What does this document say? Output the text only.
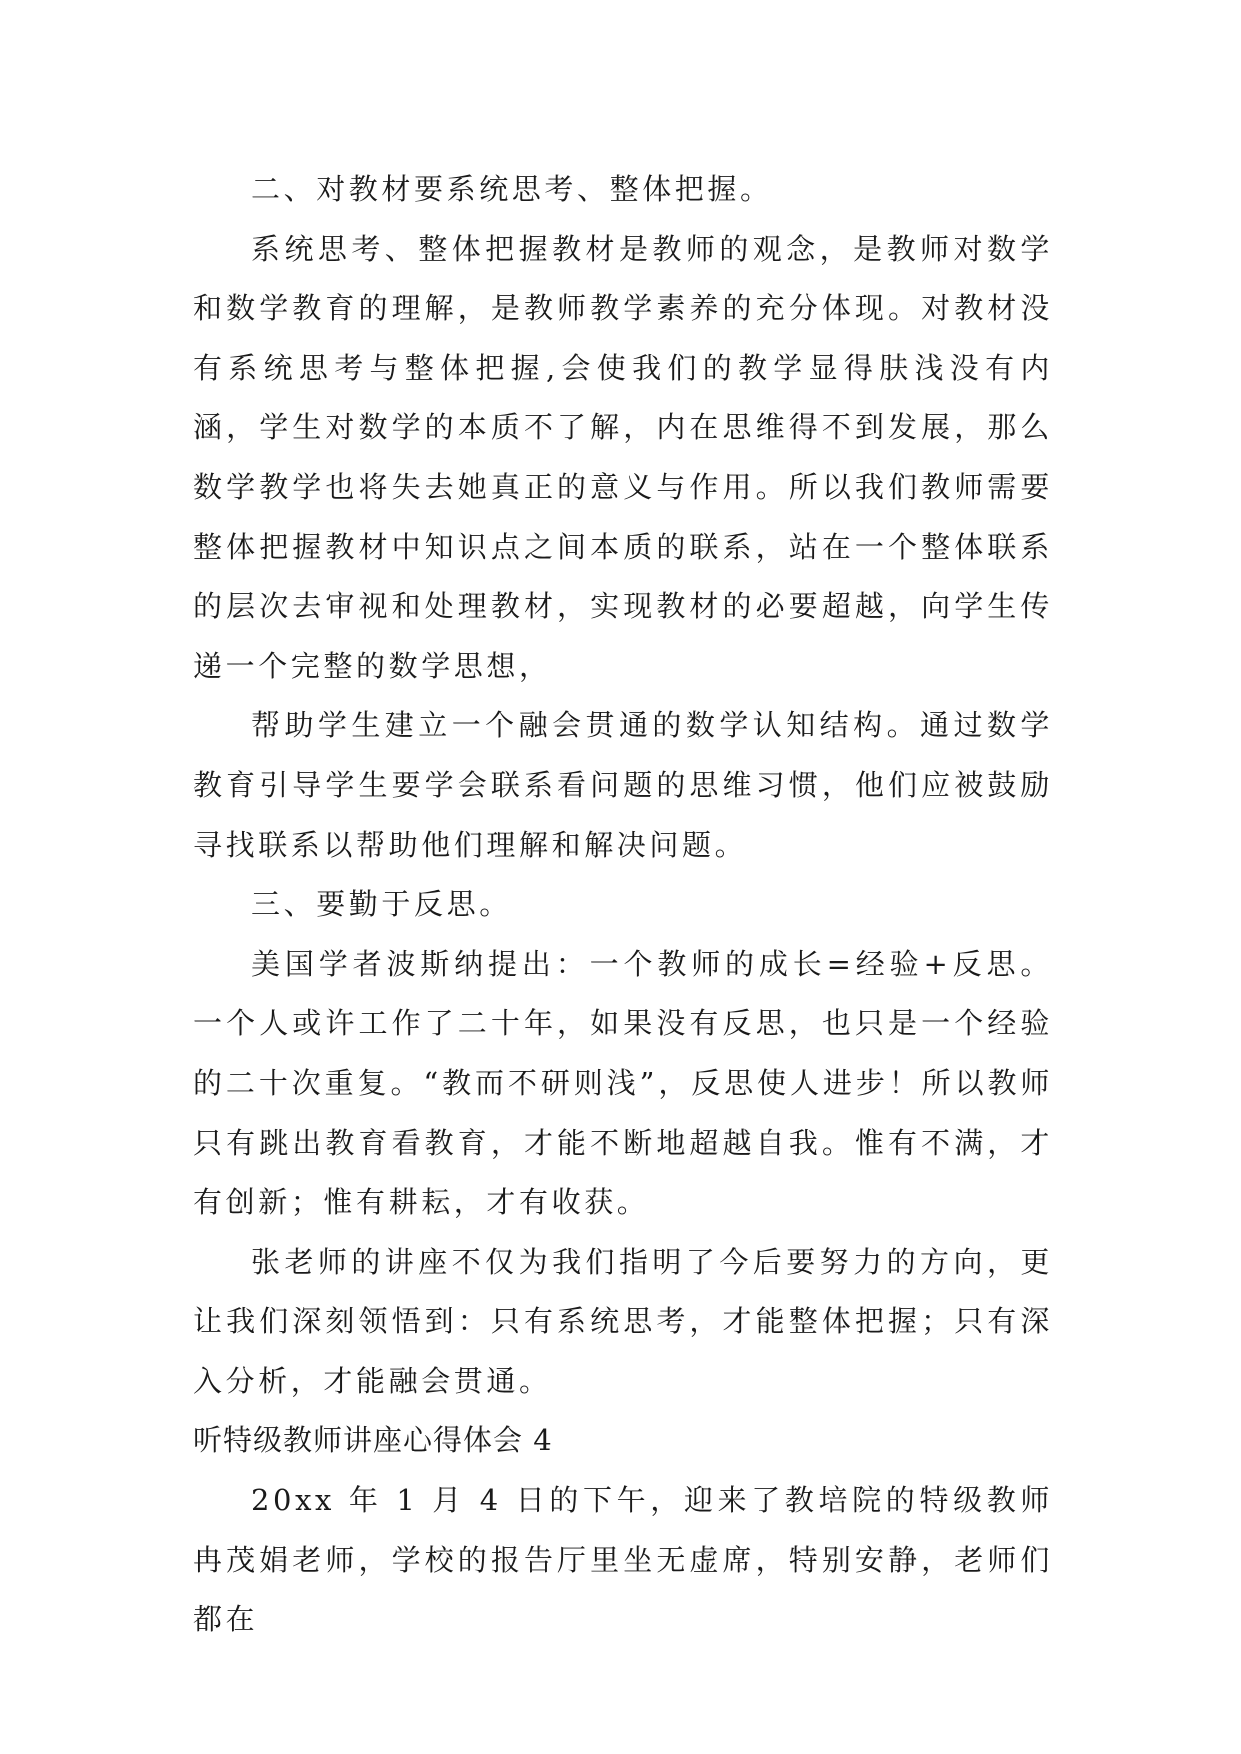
二、对教材要系统思考、整体把握。

系统思考、整体把握教材是教师的观念，是教师对数学和数学教育的理解，是教师教学素养的充分体现。对教材没有系统思考与整体把握,会使我们的教学显得肤浅没有内涵，学生对数学的本质不了解，内在思维得不到发展，那么数学教学也将失去她真正的意义与作用。所以我们教师需要整体把握教材中知识点之间本质的联系，站在一个整体联系的层次去审视和处理教材，实现教材的必要超越，向学生传递一个完整的数学思想，

帮助学生建立一个融会贯通的数学认知结构。通过数学教育引导学生要学会联系看问题的思维习惯，他们应被鼓励寻找联系以帮助他们理解和解决问题。

三、要勤于反思。

美国学者波斯纳提出：一个教师的成长=经验+反思。一个人或许工作了二十年，如果没有反思，也只是一个经验的二十次重复。“教而不研则浅”，反思使人进步！所以教师只有跳出教育看教育，才能不断地超越自我。惟有不满，才有创新；惟有耕耘，才有收获。

张老师的讲座不仅为我们指明了今后要努力的方向，更让我们深刻领悟到：只有系统思考，才能整体把握；只有深入分析，才能融会贯通。

听特级教师讲座心得体会 4

20xx 年 1 月 4 日的下午，迎来了教培院的特级教师冉茂娟老师，学校的报告厅里坐无虚席，特别安静，老师们都在
